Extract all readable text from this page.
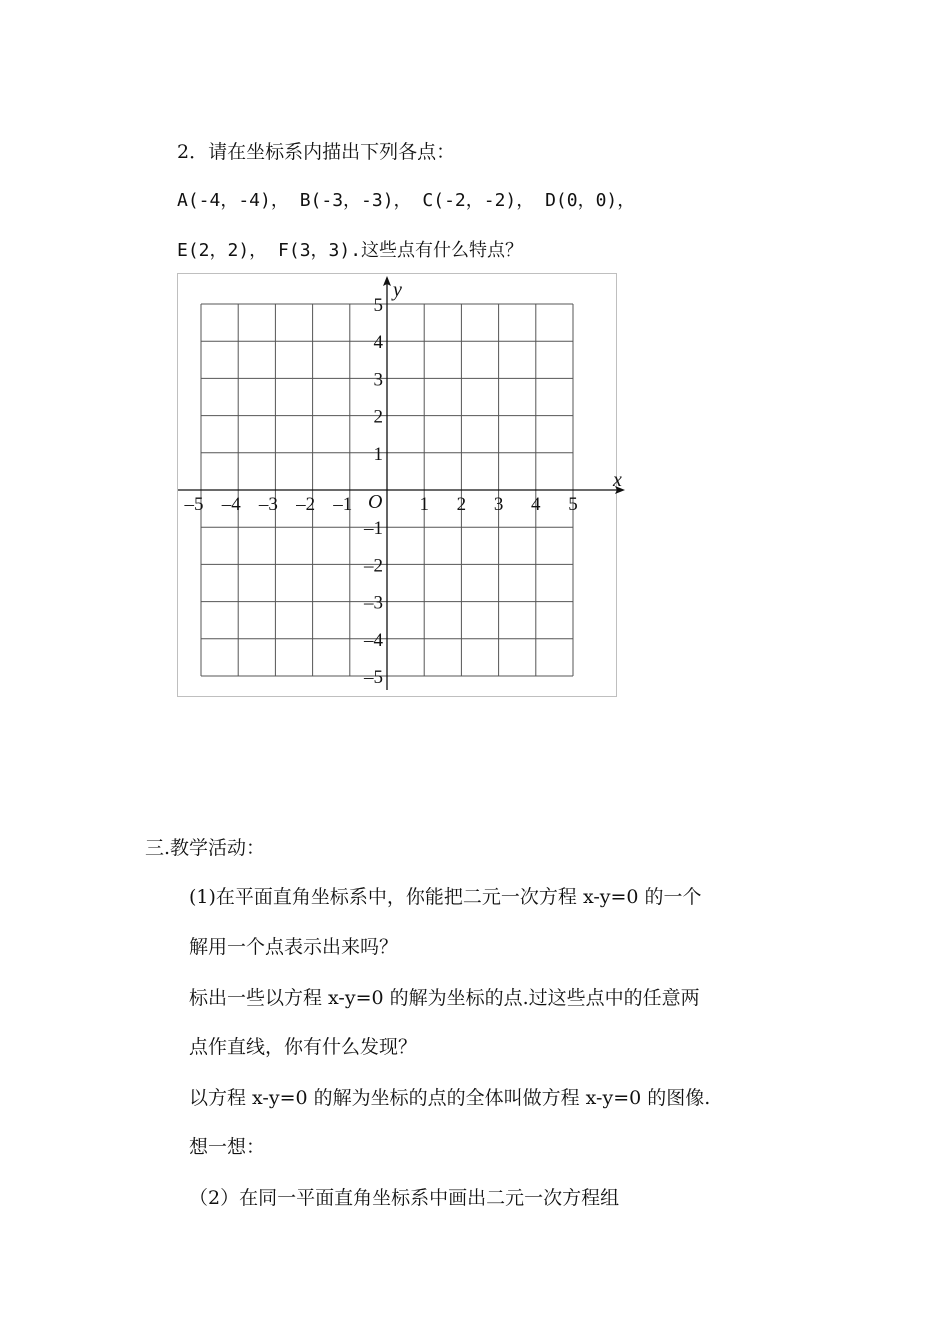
2．请在坐标系内描出下列各点：
A(-4，-4)， B(-3，-3)， C(-2，-2)， D(0，0)，
E(2，2)， F(3，3).这些点有什么特点？
x
y
O
–5 –4 –3 –2 –1	1 2 3 4 5
5
4
3
2
1
–1
–2
–3
–4
–5
三.教学活动：
(1)在平面直角坐标系中，你能把二元一次方程 x-y=0 的一个
解用一个点表示出来吗？
标出一些以方程 x-y=0 的解为坐标的点.过这些点中的任意两
点作直线，你有什么发现？
以方程 x-y=0 的解为坐标的点的全体叫做方程 x-y=0 的图像.
想一想：
（2）在同一平面直角坐标系中画出二元一次方程组
